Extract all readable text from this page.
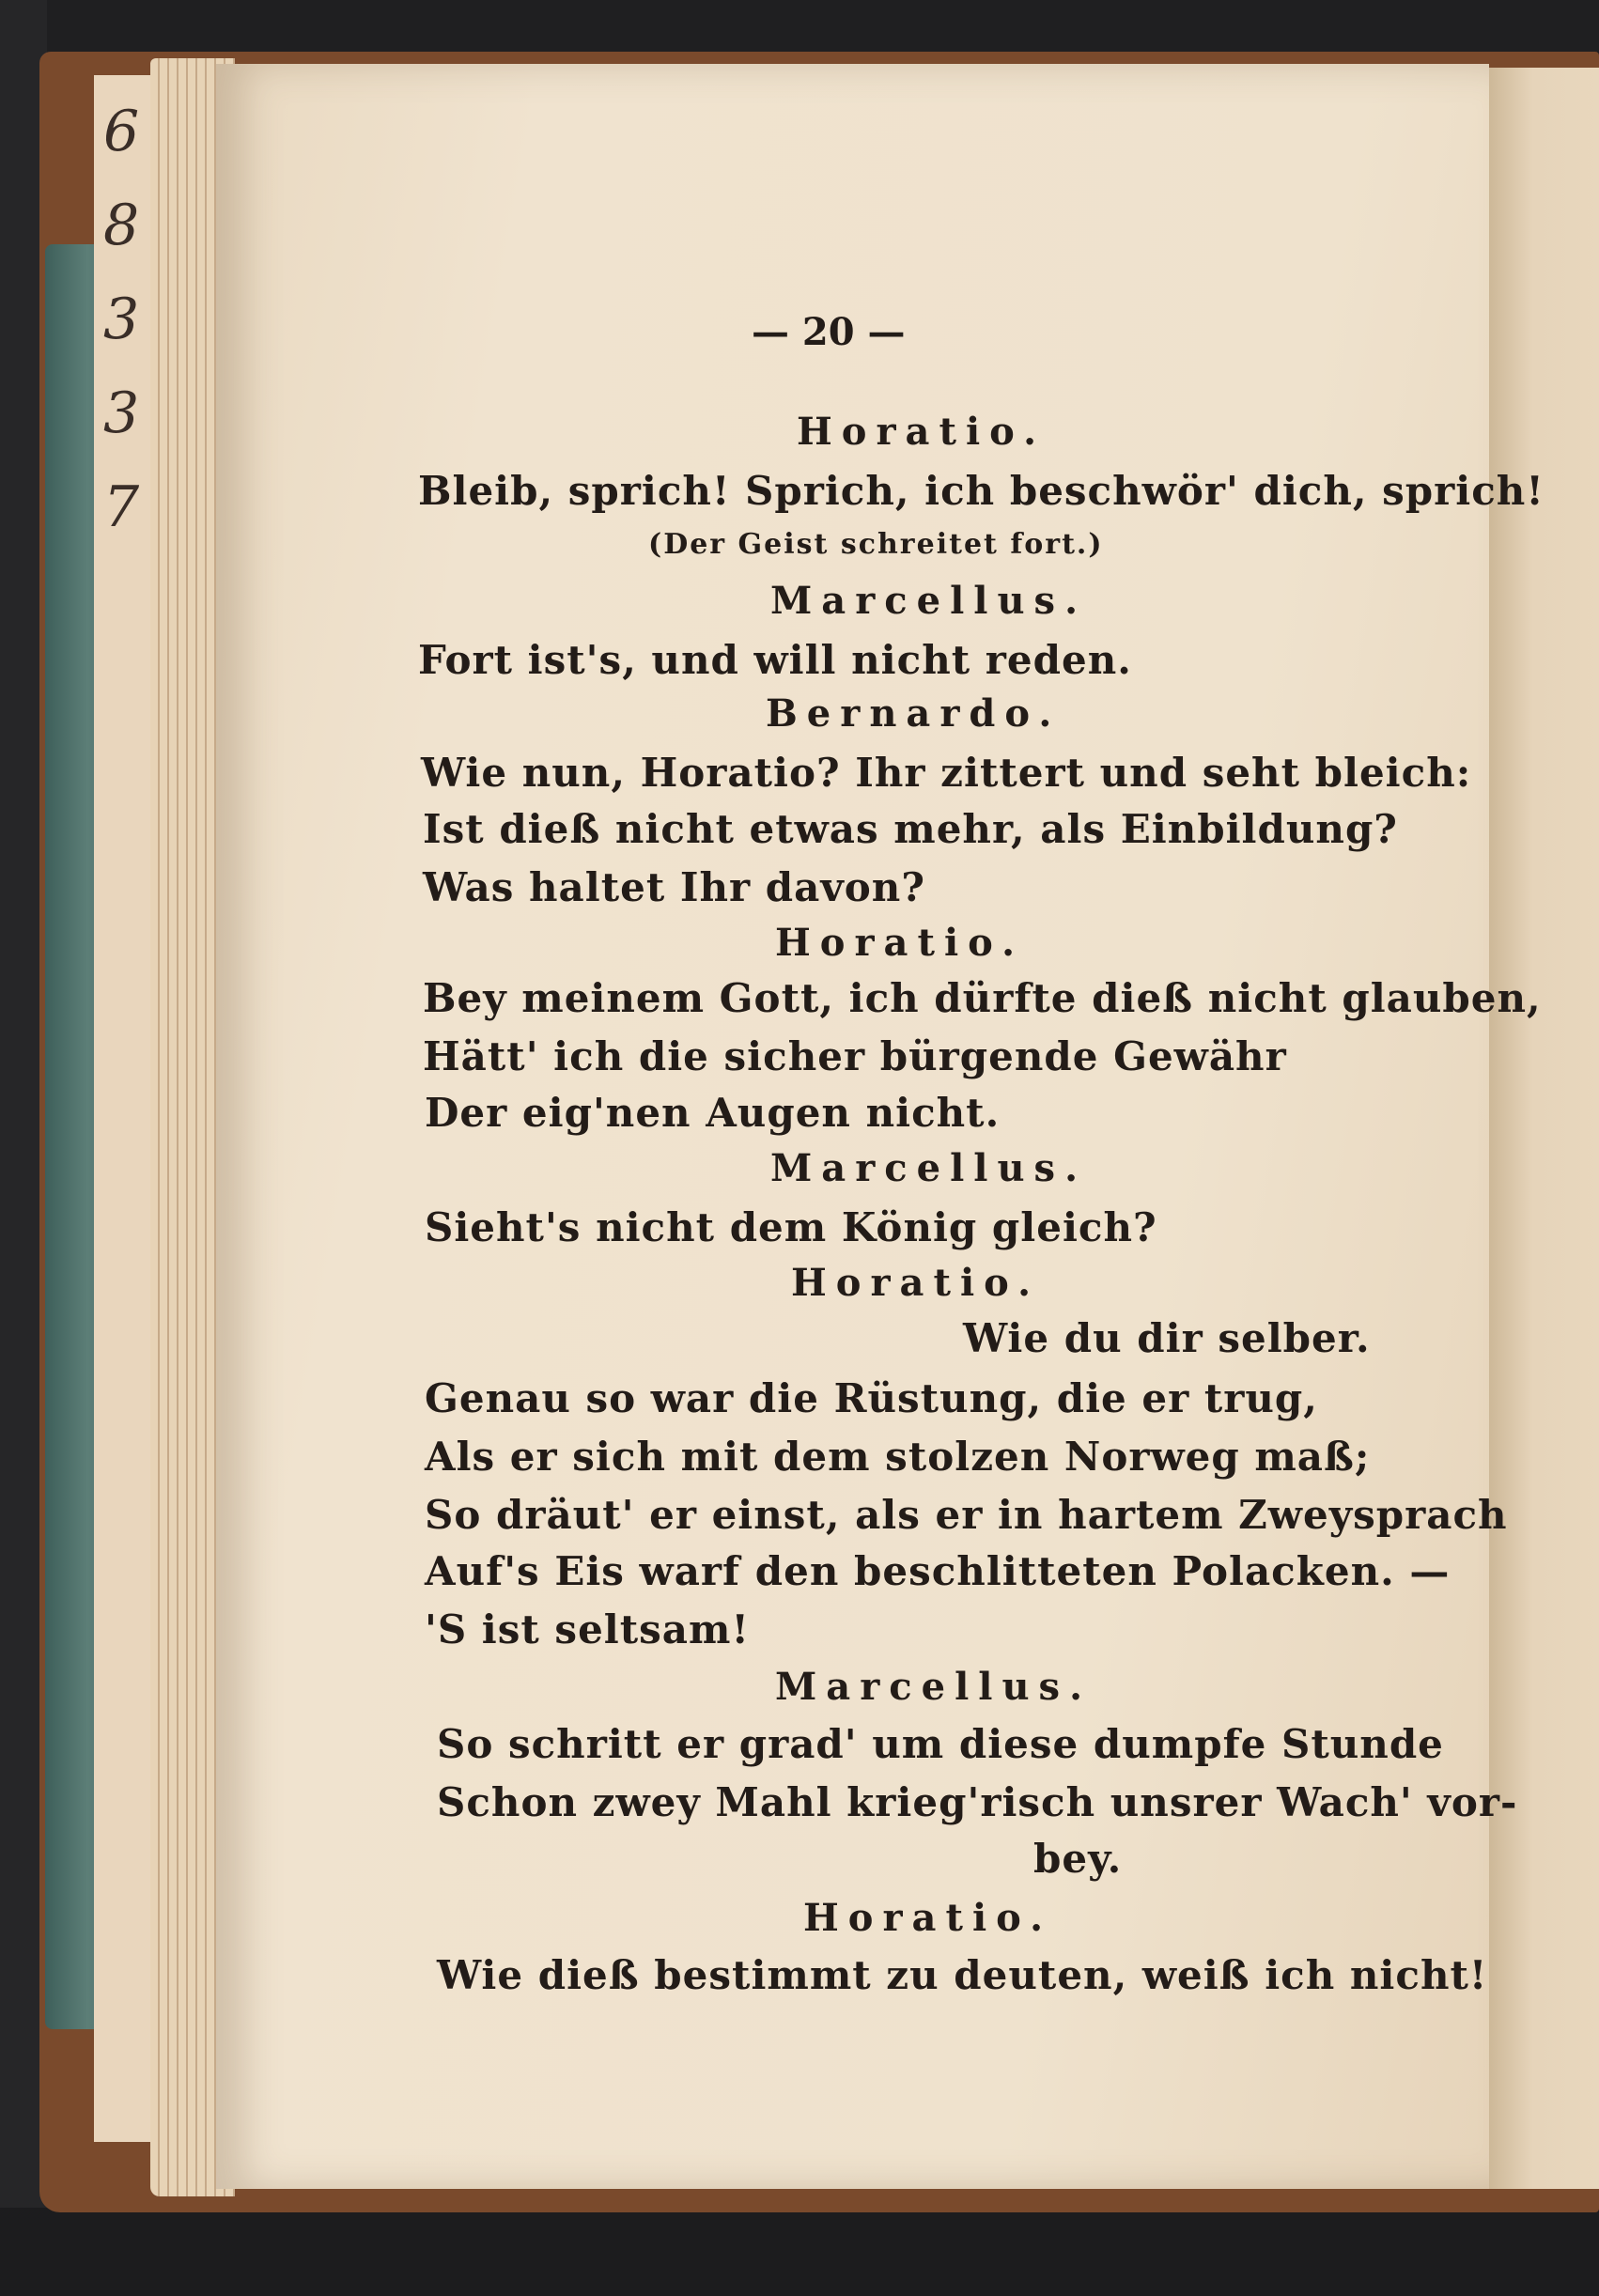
6
8
3
3
7
— 20 —
Horatio.
Bleib, sprich! Sprich, ich beschwör' dich, sprich!
(Der Geist schreitet fort.)
Marcellus.
Fort ist's, und will nicht reden.
Bernardo.
Wie nun, Horatio? Ihr zittert und seht bleich:
Ist dieß nicht etwas mehr, als Einbildung?
Was haltet Ihr davon?
Horatio.
Bey meinem Gott, ich dürfte dieß nicht glauben,
Hätt' ich die sicher bürgende Gewähr
Der eig'nen Augen nicht.
Marcellus.
Sieht's nicht dem König gleich?
Horatio.
Wie du dir selber.
Genau so war die Rüstung, die er trug,
Als er sich mit dem stolzen Norweg maß;
So dräut' er einst, als er in hartem Zweysprach
Auf's Eis warf den beschlitteten Polacken. —
'S ist seltsam!
Marcellus.
So schritt er grad' um diese dumpfe Stunde
Schon zwey Mahl krieg'risch unsrer Wach' vor-
bey.
Horatio.
Wie dieß bestimmt zu deuten, weiß ich nicht!
